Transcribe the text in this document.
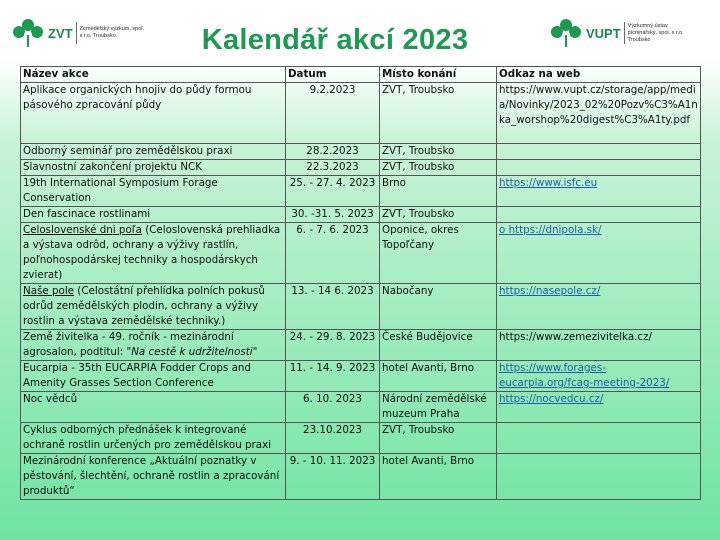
ZVT Zemědělský výzkum, spol. s r.o. Troubsko	Kalendář akcí 2023	VUPT Výzkumný ústav pícninářský, spol. s r.o. Troubsko
Název akce	Datum	Místo konání	Odkaz na web
Aplikace organických hnojiv do půdy formou pásového zpracování půdy	9.2.2023	ZVT, Troubsko	https://www.vupt.cz/storage/app/media/Novinky/2023_02%20Pozv%C3%A1nka_worshop%20digest%C3%A1ty.pdf

Odborný seminář pro zemědělskou praxi	28.2.2023	ZVT, Troubsko	
Slavnostní zakončení projektu NCK	22.3.2023	ZVT, Troubsko	
19th International Symposium Forage Conservation	25. - 27. 4. 2023	Brno	https://www.isfc.eu
Den fascinace rostlinami	30. -31. 5. 2023	ZVT, Troubsko	
Celoslovenské dni poľa (Celoslovenská prehliadka a výstava odrôd, ochrany a výživy rastlín, poľnohospodárskej techniky a hospodárskych zvierat)	6. - 7. 6. 2023	Oponice, okres Topoľčany	o https://dnipola.sk/
Naše pole (Celostátní přehlídka polních pokusů odrůd zemědělských plodin, ochrany a výživy rostlin a výstava zemědělské techniky.)	13. - 14 6. 2023	Nabočany	https://nasepole.cz/
Země živitelka - 49. ročník - mezinárodní agrosalon, podtitul: "Na cestě k udržitelnosti"	24. - 29. 8. 2023	České Budějovice	https://www.zemezivitelka.cz/
Eucarpia - 35th EUCARPIA Fodder Crops and Amenity Grasses Section Conference	11. - 14. 9. 2023	hotel Avanti, Brno	https://www.forages-eucarpia.org/fcag-meeting-2023/
Noc vědců	6. 10. 2023	Národní zemědělské muzeum Praha	https://nocvedcu.cz/
Cyklus odborných přednášek k integrované ochraně rostlin určených pro zemědělskou praxi	23.10.2023	ZVT, Troubsko	
Mezinárodní konference „Aktuální poznatky v pěstování, šlechtění, ochraně rostlin a zpracování produktů“	9. - 10. 11. 2023	hotel Avanti, Brno	
